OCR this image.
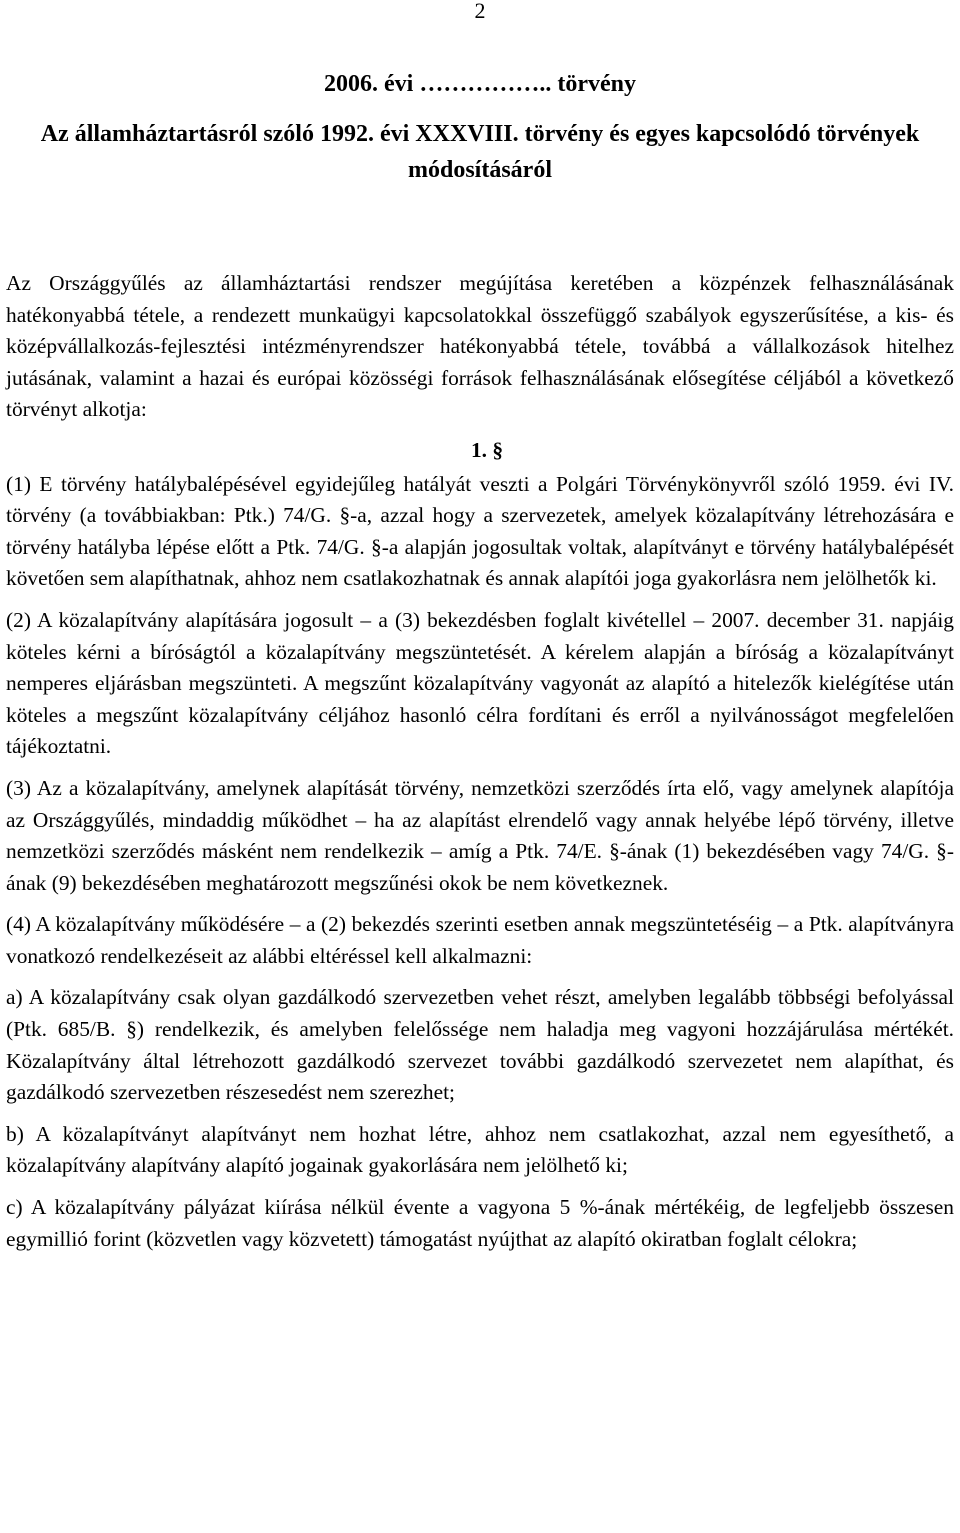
2
2006. évi …………….. törvény
Az államháztartásról szóló 1992. évi XXXVIII. törvény és egyes kapcsolódó törvények módosításáról

Az Országgyűlés az államháztartási rendszer megújítása keretében a közpénzek felhasználásának hatékonyabbá tétele, a rendezett munkaügyi kapcsolatokkal összefüggő szabályok egyszerűsítése, a kis- és középvállalkozás-fejlesztési intézményrendszer hatékonyabbá tétele, továbbá a vállalkozások hitelhez jutásának, valamint a hazai és európai közösségi források felhasználásának elősegítése céljából a következő törvényt alkotja:

1. §

(1) E törvény hatálybalépésével egyidejűleg hatályát veszti a Polgári Törvénykönyvről szóló 1959. évi IV. törvény (a továbbiakban: Ptk.) 74/G. §-a, azzal hogy a szervezetek, amelyek közalapítvány létrehozására e törvény hatályba lépése előtt a Ptk. 74/G. §-a alapján jogosultak voltak, alapítványt e törvény hatálybalépését követően sem alapíthatnak, ahhoz nem csatlakozhatnak és annak alapítói joga gyakorlásra nem jelölhetők ki.

(2) A közalapítvány alapítására jogosult – a (3) bekezdésben foglalt kivétellel – 2007. december 31. napjáig köteles kérni a bíróságtól a közalapítvány megszüntetését. A kérelem alapján a bíróság a közalapítványt nemperes eljárásban megszünteti. A megszűnt közalapítvány vagyonát az alapító a hitelezők kielégítése után köteles a megszűnt közalapítvány céljához hasonló célra fordítani és erről a nyilvánosságot megfelelően tájékoztatni.

(3) Az a közalapítvány, amelynek alapítását törvény, nemzetközi szerződés írta elő, vagy amelynek alapítója az Országgyűlés, mindaddig működhet – ha az alapítást elrendelő vagy annak helyébe lépő törvény, illetve nemzetközi szerződés másként nem rendelkezik – amíg a Ptk. 74/E. §-ának (1) bekezdésében vagy 74/G. §-ának (9) bekezdésében meghatározott megszűnési okok be nem következnek.

(4) A közalapítvány működésére – a (2) bekezdés szerinti esetben annak megszüntetéséig – a Ptk. alapítványra vonatkozó rendelkezéseit az alábbi eltéréssel kell alkalmazni:

a) A közalapítvány csak olyan gazdálkodó szervezetben vehet részt, amelyben legalább többségi befolyással (Ptk. 685/B. §) rendelkezik, és amelyben felelőssége nem haladja meg vagyoni hozzájárulása mértékét. Közalapítvány által létrehozott gazdálkodó szervezet további gazdálkodó szervezetet nem alapíthat, és gazdálkodó szervezetben részesedést nem szerezhet;

b) A közalapítványt alapítványt nem hozhat létre, ahhoz nem csatlakozhat, azzal nem egyesíthető, a közalapítvány alapítvány alapító jogainak gyakorlására nem jelölhető ki;

c) A közalapítvány pályázat kiírása nélkül évente a vagyona 5 %-ának mértékéig, de legfeljebb összesen egymillió forint (közvetlen vagy közvetett) támogatást nyújthat az alapító okiratban foglalt célokra;
